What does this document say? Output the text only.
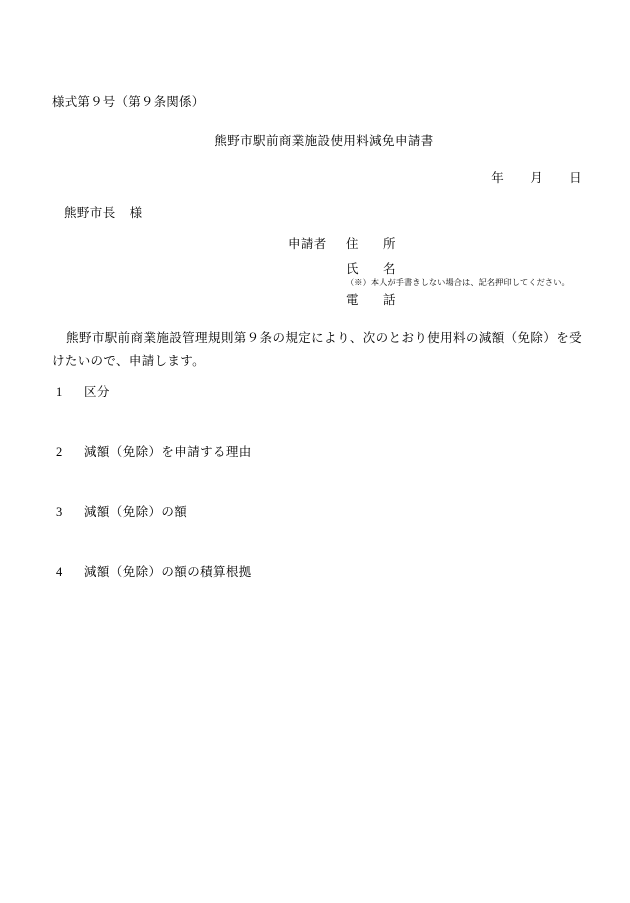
様式第９号（第９条関係）
熊野市駅前商業施設使用料減免申請書
年 月 日
熊野市長 様
申請者	住　所
氏　名
（※）本人が手書きしない場合は、記名押印してください。
電　話
熊野市駅前商業施設管理規則第９条の規定により、次のとおり使用料の減額（免除）を受けたいので、申請します。
1 区分
2 減額（免除）を申請する理由
3 減額（免除）の額
4 減額（免除）の額の積算根拠
